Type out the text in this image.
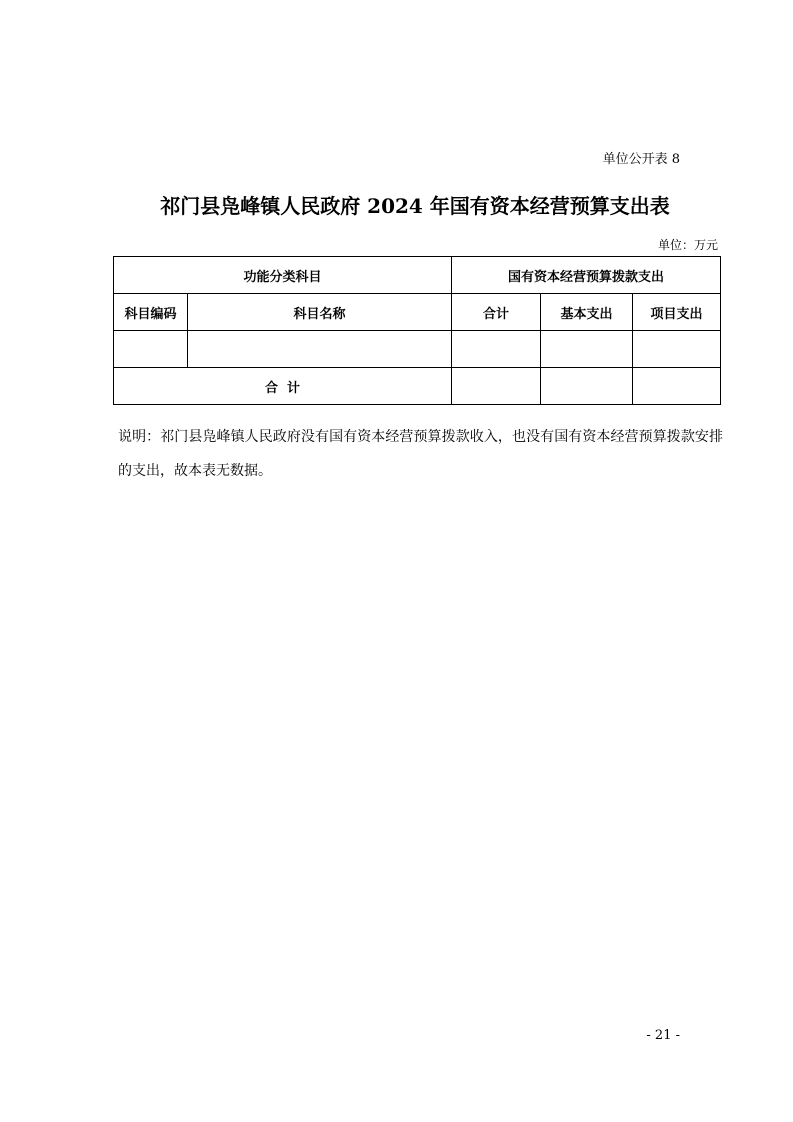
单位公开表 8
祁门县凫峰镇人民政府 2024 年国有资本经营预算支出表
单位：万元
功能分类科目		国有资本经营预算拨款支出		
科目编码	科目名称	合计	基本支出	项目支出

合  计				
说明：祁门县凫峰镇人民政府没有国有资本经营预算拨款收入，也没有国有资本经营预算拨款安排的支出，故本表无数据。
- 21 -
